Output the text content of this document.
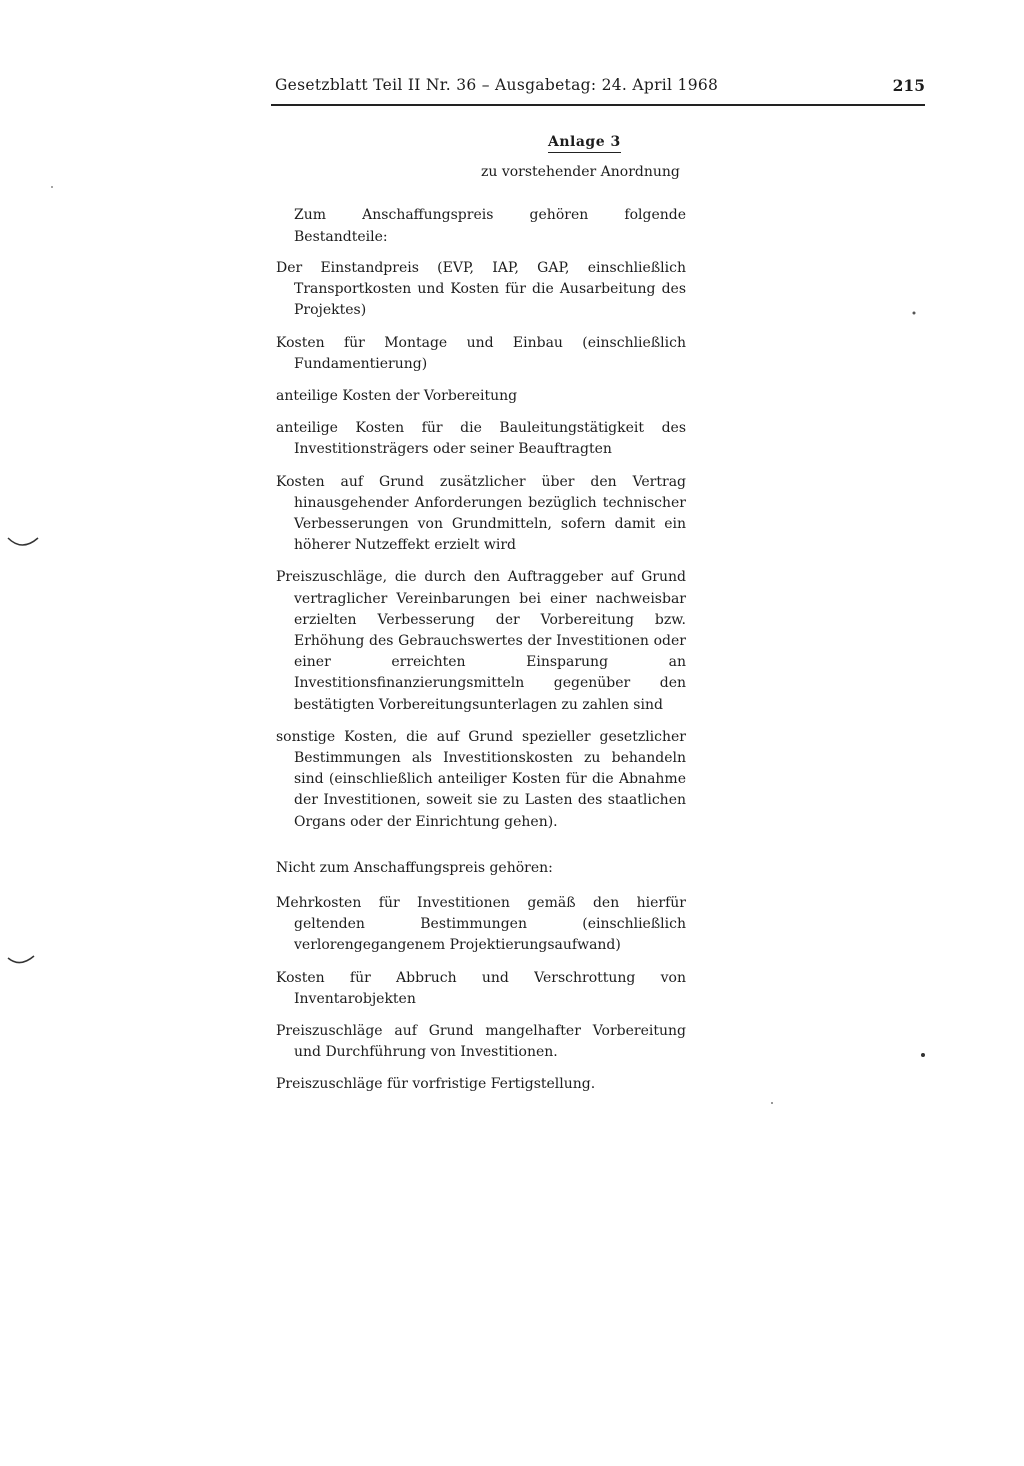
Gesetzblatt Teil II Nr. 36 – Ausgabetag: 24. April 1968	215
Anlage 3
zu vorstehender Anordnung
Zum Anschaffungspreis gehören folgende Bestandteile:

Der Einstandpreis (EVP, IAP, GAP, einschließlich Transportkosten und Kosten für die Ausarbeitung des Projektes)

Kosten für Montage und Einbau (einschließlich Fundamentierung)

anteilige Kosten der Vorbereitung

anteilige Kosten für die Bauleitungstätigkeit des Investitionsträgers oder seiner Beauftragten

Kosten auf Grund zusätzlicher über den Vertrag hinausgehender Anforderungen bezüglich technischer Verbesserungen von Grundmitteln, sofern damit ein höherer Nutzeffekt erzielt wird

Preiszuschläge, die durch den Auftraggeber auf Grund vertraglicher Vereinbarungen bei einer nachweisbar erzielten Verbesserung der Vorbereitung bzw. Erhöhung des Gebrauchswertes der Investitionen oder einer erreichten Einsparung an Investitionsfinanzierungsmitteln gegenüber den bestätigten Vorbereitungsunterlagen zu zahlen sind

sonstige Kosten, die auf Grund spezieller gesetzlicher Bestimmungen als Investitionskosten zu behandeln sind (einschließlich anteiliger Kosten für die Abnahme der Investitionen, soweit sie zu Lasten des staatlichen Organs oder der Einrichtung gehen).

Nicht zum Anschaffungspreis gehören:

Mehrkosten für Investitionen gemäß den hierfür geltenden Bestimmungen (einschließlich verlorengegangenem Projektierungsaufwand)

Kosten für Abbruch und Verschrottung von Inventarobjekten

Preiszuschläge auf Grund mangelhafter Vorbereitung und Durchführung von Investitionen.

Preiszuschläge für vorfristige Fertigstellung.
